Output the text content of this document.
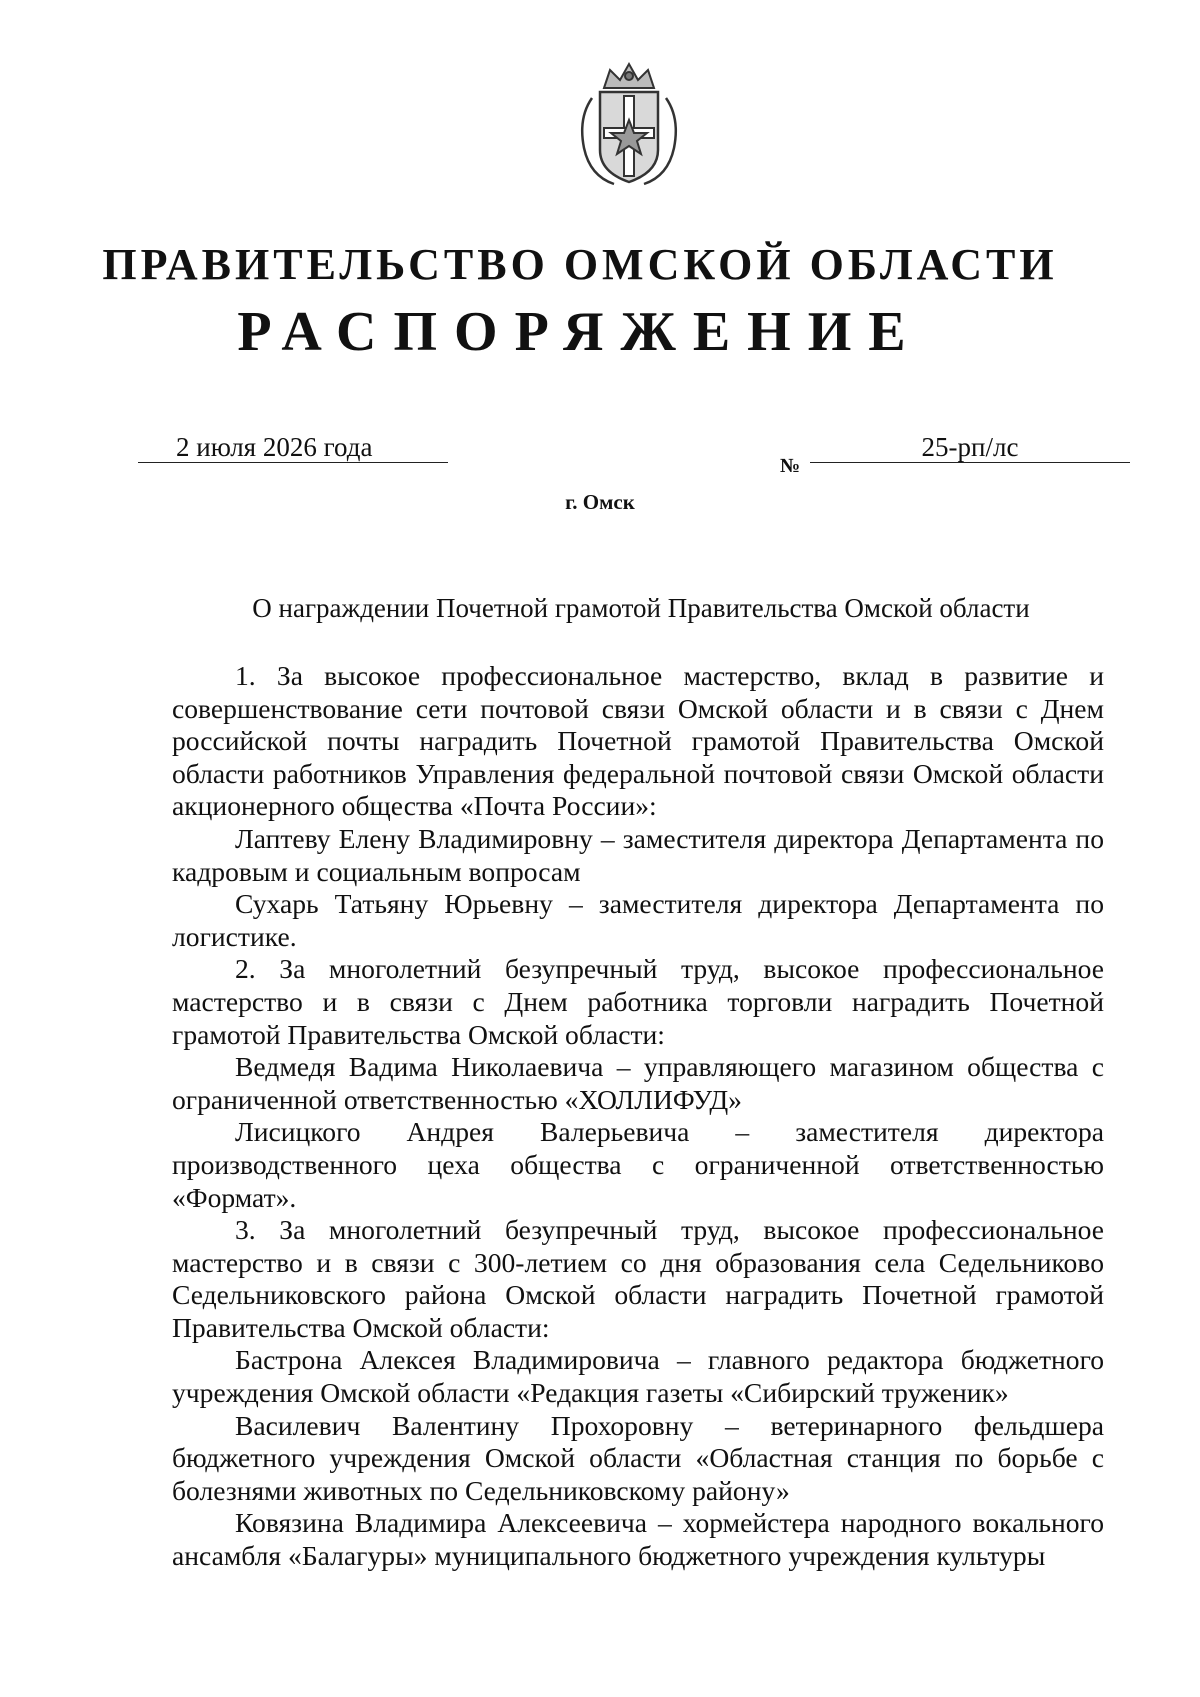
ПРАВИТЕЛЬСТВО ОМСКОЙ ОБЛАСТИ
РАСПОРЯЖЕНИЕ
2 июля 2026 года
№
25-рп/лс
г. Омск
О награждении Почетной грамотой Правительства Омской области

1. За высокое профессиональное мастерство, вклад в развитие и совершенствование сети почтовой связи Омской области и в связи с Днем российской почты наградить Почетной грамотой Правительства Омской области работников Управления федеральной почтовой связи Омской области акционерного общества «Почта России»:

Лаптеву Елену Владимировну – заместителя директора Департамента по кадровым и социальным вопросам

Сухарь Татьяну Юрьевну – заместителя директора Департамента по логистике.

2. За многолетний безупречный труд, высокое профессиональное мастерство и в связи с Днем работника торговли наградить Почетной грамотой Правительства Омской области:

Ведмедя Вадима Николаевича – управляющего магазином общества с ограниченной ответственностью «ХОЛЛИФУД»

Лисицкого Андрея Валерьевича – заместителя директора производственного цеха общества с ограниченной ответственностью «Формат».

3. За многолетний безупречный труд, высокое профессиональное мастерство и в связи с 300-летием со дня образования села Седельниково Седельниковского района Омской области наградить Почетной грамотой Правительства Омской области:

Бастрона Алексея Владимировича – главного редактора бюджетного учреждения Омской области «Редакция газеты «Сибирский труженик»

Василевич Валентину Прохоровну – ветеринарного фельдшера бюджетного учреждения Омской области «Областная станция по борьбе с болезнями животных по Седельниковскому району»

Ковязина Владимира Алексеевича – хормейстера народного вокального ансамбля «Балагуры» муниципального бюджетного учреждения культуры
